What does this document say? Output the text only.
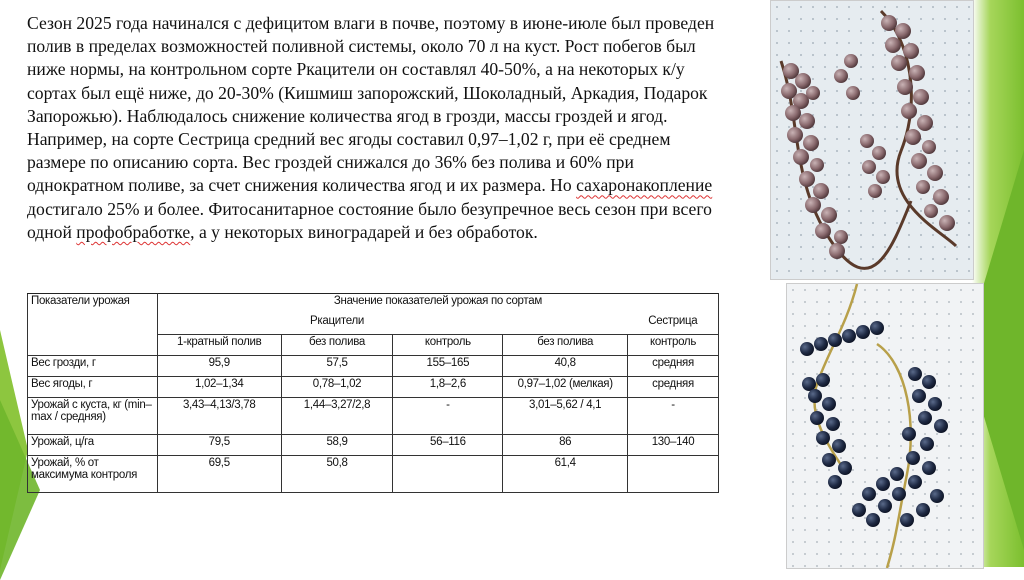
Сезон 2025 года начинался с дефицитом влаги в почве, поэтому в июне-июле был проведен полив в пределах возможностей поливной системы, около 70 л на куст. Рост побегов был ниже нормы, на контрольном сорте Ркацители он составлял 40-50%, а на некоторых к/у сортах был ещё ниже, до 20-30% (Кишмиш запорожский, Шоколадный, Аркадия, Подарок Запорожью). Наблюдалось снижение количества ягод в грозди, массы гроздей и ягод. Например, на сорте Сестрица средний вес ягоды составил 0,97–1,02 г, при её среднем размере по описанию сорта. Вес гроздей снижался до 36% без полива и 60% при однократном поливе, за счет снижения количества ягод и их размера. Но сахаронакопление достигало 25% и более. Фитосанитарное состояние было безупречное весь сезон при всего одной профобработке, а у некоторых виноградарей и без обработок.

Показатели урожая	Значение показателей урожая по сортам				
		Ркацители			Сестрица
	1-кратный полив	без полива	контроль	без полива	контроль
Вес грозди, г	95,9	57,5	155–165	40,8	средняя
Вес ягоды, г	1,02–1,34	0,78–1,02	1,8–2,6	0,97–1,02 (мелкая)	средняя
Урожай с куста, кг (min–max / средняя)	3,43–4,13/3,78	1,44–3,27/2,8	-	3,01–5,62 / 4,1	-
Урожай, ц/га	79,5	58,9	56–116	86	130–140
Урожай, % от максимума контроля	69,5	50,8		61,4	
